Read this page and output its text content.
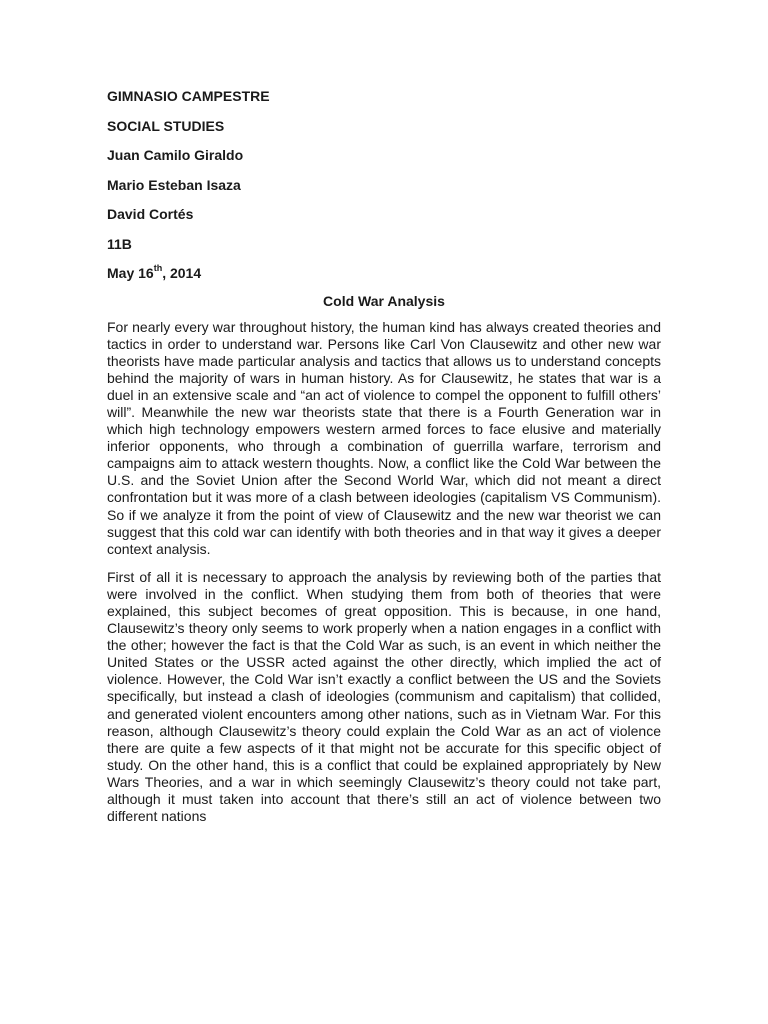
GIMNASIO CAMPESTRE
SOCIAL STUDIES
Juan Camilo Giraldo
Mario Esteban Isaza
David Cortés
11B
May 16th, 2014
Cold War Analysis

For nearly every war throughout history, the human kind has always created theories and tactics in order to understand war. Persons like Carl Von Clausewitz and other new war theorists have made particular analysis and tactics that allows us to understand concepts behind the majority of wars in human history. As for Clausewitz, he states that war is a duel in an extensive scale and “an act of violence to compel the opponent to fulfill others’ will”. Meanwhile the new war theorists state that there is a Fourth Generation war in which high technology empowers western armed forces to face elusive and materially inferior opponents, who through a combination of guerrilla warfare, terrorism and campaigns aim to attack western thoughts. Now, a conflict like the Cold War between the U.S. and the Soviet Union after the Second World War, which did not meant a direct confrontation but it was more of a clash between ideologies (capitalism VS Communism). So if we analyze it from the point of view of Clausewitz and the new war theorist we can suggest that this cold war can identify with both theories and in that way it gives a deeper context analysis.

First of all it is necessary to approach the analysis by reviewing both of the parties that were involved in the conflict. When studying them from both of theories that were explained, this subject becomes of great opposition. This is because, in one hand, Clausewitz’s theory only seems to work properly when a nation engages in a conflict with the other; however the fact is that the Cold War as such, is an event in which neither the United States or the USSR acted against the other directly, which implied the act of violence. However, the Cold War isn’t exactly a conflict between the US and the Soviets specifically, but instead a clash of ideologies (communism and capitalism) that collided, and generated violent encounters among other nations, such as in Vietnam War. For this reason, although Clausewitz’s theory could explain the Cold War as an act of violence there are quite a few aspects of it that might not be accurate for this specific object of study. On the other hand, this is a conflict that could be explained appropriately by New Wars Theories, and a war in which seemingly Clausewitz’s theory could not take part, although it must taken into account that there’s still an act of violence between two different nations
